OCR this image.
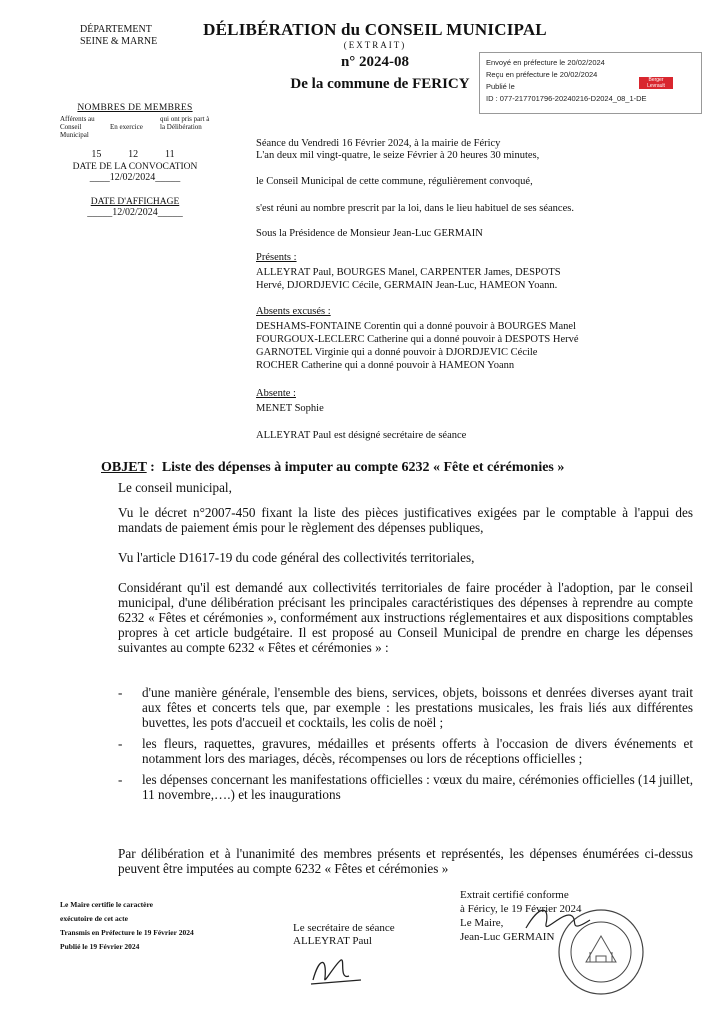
DÉPARTEMENT
SEINE & MARNE
DÉLIBÉRATION du CONSEIL MUNICIPAL
(EXTRAIT)
n° 2024-08
De la commune de FERICY
Envoyé en préfecture le 20/02/2024
Reçu en préfecture le 20/02/2024
Publié le
ID : 077-217701796-20240216-D2024_08_1-DE
Berger Levrault
NOMBRES DE MEMBRES
Afférents au Conseil Municipal
En exercice
qui ont pris part à la Délibération
15	12	11
DATE DE LA CONVOCATION
____12/02/2024_____
DATE D'AFFICHAGE
_____12/02/2024_____
Séance du Vendredi 16 Février 2024, à la mairie de Féricy
L'an deux mil vingt-quatre, le seize Février à 20 heures 30 minutes,
le Conseil Municipal de cette commune, régulièrement convoqué,
s'est réuni au nombre prescrit par la loi, dans le lieu habituel de ses séances.
Sous la Présidence de Monsieur Jean-Luc GERMAIN
Présents :
ALLEYRAT Paul, BOURGES Manel, CARPENTER James, DESPOTS
Hervé, DJORDJEVIC Cécile, GERMAIN Jean-Luc, HAMEON Yoann.
Absents excusés :
DESHAMS-FONTAINE Corentin qui a donné pouvoir à BOURGES Manel
FOURGOUX-LECLERC Catherine qui a donné pouvoir à DESPOTS Hervé
GARNOTEL Virginie qui a donné pouvoir à DJORDJEVIC Cécile
ROCHER Catherine qui a donné pouvoir à HAMEON Yoann
Absente :
MENET Sophie
ALLEYRAT Paul est désigné secrétaire de séance
OBJET : Liste des dépenses à imputer au compte 6232 « Fête et cérémonies »
Le conseil municipal,
Vu le décret n°2007-450 fixant la liste des pièces justificatives exigées par le comptable à l'appui des mandats de paiement émis pour le règlement des dépenses publiques,
Vu l'article D1617-19 du code général des collectivités territoriales,
Considérant qu'il est demandé aux collectivités territoriales de faire procéder à l'adoption, par le conseil municipal, d'une délibération précisant les principales caractéristiques des dépenses à reprendre au compte 6232 « Fêtes et cérémonies », conformément aux instructions réglementaires et aux dispositions comptables propres à cet article budgétaire. Il est proposé au Conseil Municipal de prendre en charge les dépenses suivantes au compte 6232 « Fêtes et cérémonies » :
-	d'une manière générale, l'ensemble des biens, services, objets, boissons et denrées diverses ayant trait aux fêtes et concerts tels que, par exemple : les prestations musicales, les frais liés aux différentes buvettes, les pots d'accueil et cocktails, les colis de noël ;
-	les fleurs, raquettes, gravures, médailles et présents offerts à l'occasion de divers événements et notamment lors des mariages, décès, récompenses ou lors de réceptions officielles ;
-	les dépenses concernant les manifestations officielles : vœux du maire, cérémonies officielles (14 juillet, 11 novembre,….) et les inaugurations
Par délibération et à l'unanimité des membres présents et représentés, les dépenses énumérées ci-dessus peuvent être imputées au compte 6232 « Fêtes et cérémonies »
Le Maire certifie le caractère
exécutoire de cet acte
Transmis en Préfecture le 19 Février 2024
Publié le 19 Février 2024
Le secrétaire de séance
ALLEYRAT Paul
Extrait certifié conforme
à Féricy, le 19 Février 2024
Le Maire,
Jean-Luc GERMAIN
